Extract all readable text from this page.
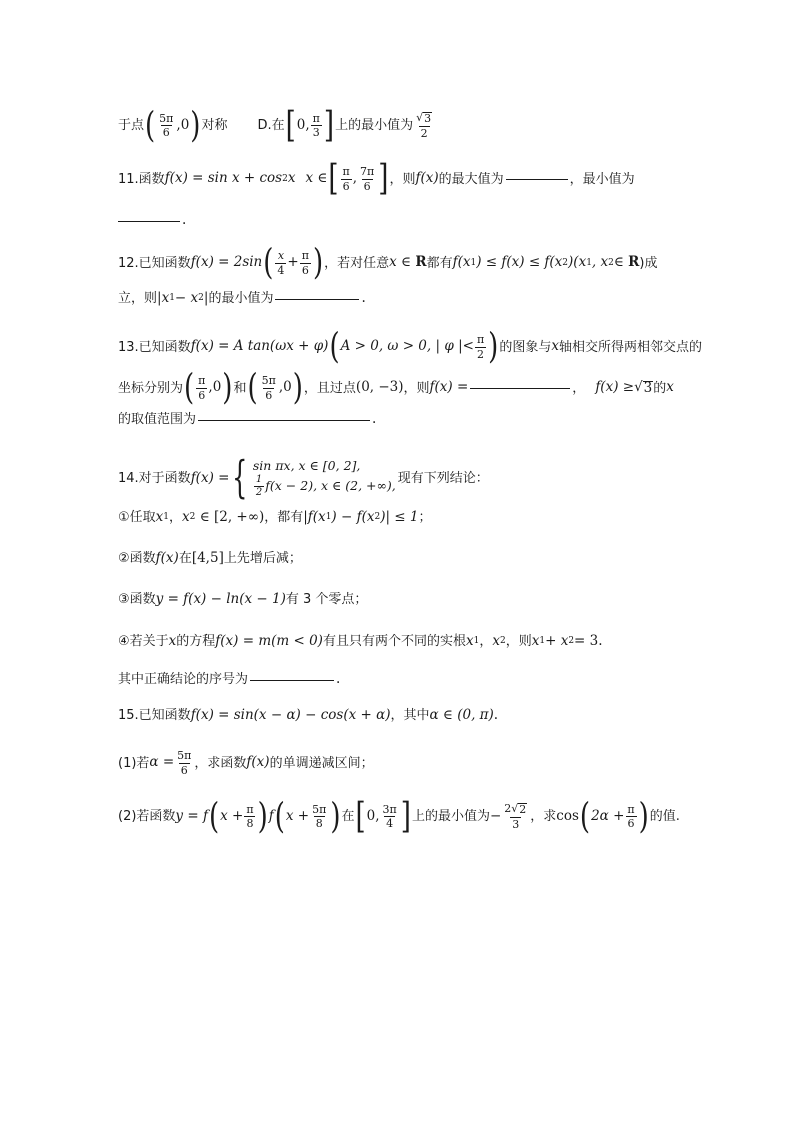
于点 ( $\frac{5\pi}{6} ,0$ ) 对称 D.在 [ 0, $\frac{\pi}{3}$ ] 上的最小值为 $\frac{√ 3}{2}$
11.函数 f(x) = sin x + cos 2 x x ∈ [ $\frac{\pi}{6}$ , $\frac{7\pi}{6}$ ] ，则 f(x) 的最大值为	，最小值为
.
12.已知函数 f(x) = 2sin ( $\frac{x}{4} + \frac{\pi}{6}$ ) ，若对任意 x ∈
R 都有 f(x 1 ) ≤ f(x) ≤ f(x 2 )(x 1 , x 2 ∈
R )成
立，则 |x 1 − x 2 | 的最小值为	.
13.已知函数 f(x) = A tan(ωx + φ) ( A > 0, ω > 0, | φ |< $\frac{\pi}{2}$ ) 的图象与 x 轴相交所得两相邻交点的
坐标分别为 ( $\frac{\pi}{6} ,0$ ) 和 ( $\frac{5\pi}{6} ,0$ ) ，且过点 (0, −3) ，则 f(x) =	， f(x) ≥ √ 3 的 x
的取值范围为	.
14.对于函数 f(x) = { sin πx, x ∈ [0, 2],
$\frac{1}{2} f(x - 2)$, x ∈ (2, +∞), 现有下列结论：
①任取 x 1 ， x 2
∈ [2, +∞) ，都有 |f(x 1 ) − f(x 2 )| ≤ 1 ；
②函数 f(x) 在 [4,5] 上先增后减；
③函数 y = f(x) − ln(x − 1) 有 3 个零点；
④若关于 x 的方程 f(x) = m(m < 0) 有且只有两个不同的实根 x 1 ， x 2 ，则 x 1 + x 2 = 3 .
其中正确结论的序号为	.
15.已知函数 f(x) = sin(x − α) − cos(x + α) ，其中 α ∈ (0, π) .
(1)若 $\alpha = \frac{5\pi}{6}$ ，求函数 f(x) 的单调递减区间；
(2)若函数 y = f ( $x + \frac{\pi}{8}$ ) f ( $x + \frac{5\pi}{8}$ ) 在 [ 0, $\frac{3\pi}{4}$ ] 上的最小值为 − $\frac{2√ 2}{3}$ ，求 cos ( $2\alpha + \frac{\pi}{6}$ ) 的值.
